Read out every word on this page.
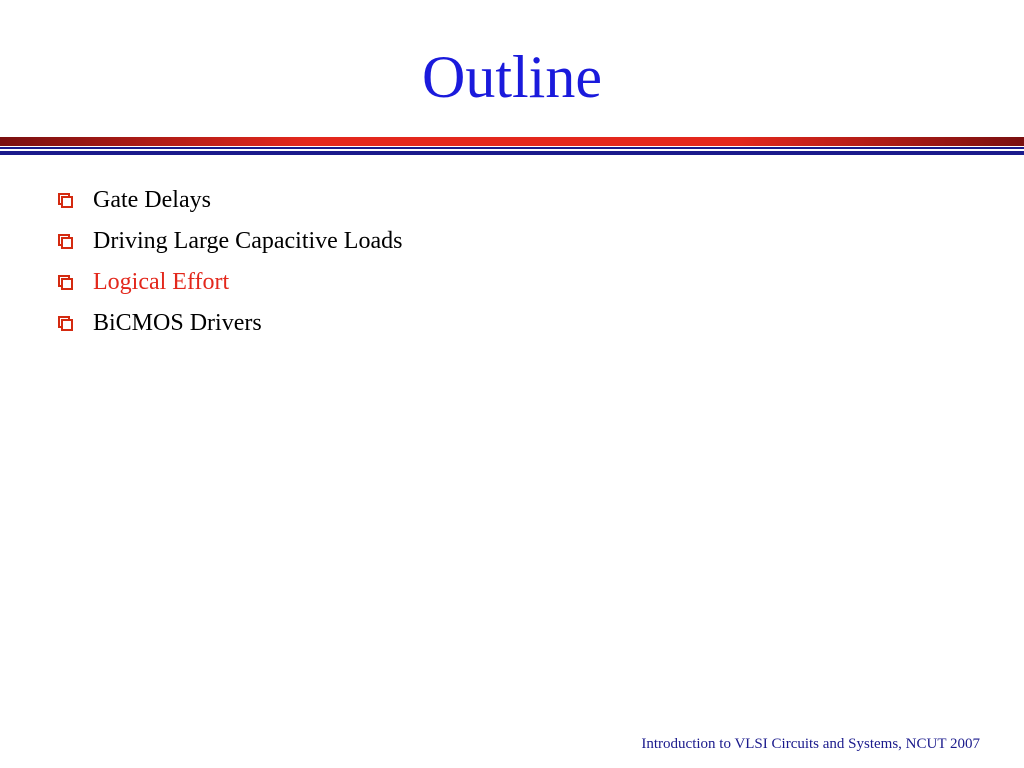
Outline
Gate Delays
Driving Large Capacitive Loads
Logical Effort
BiCMOS Drivers
Introduction to VLSI Circuits and Systems, NCUT 2007
